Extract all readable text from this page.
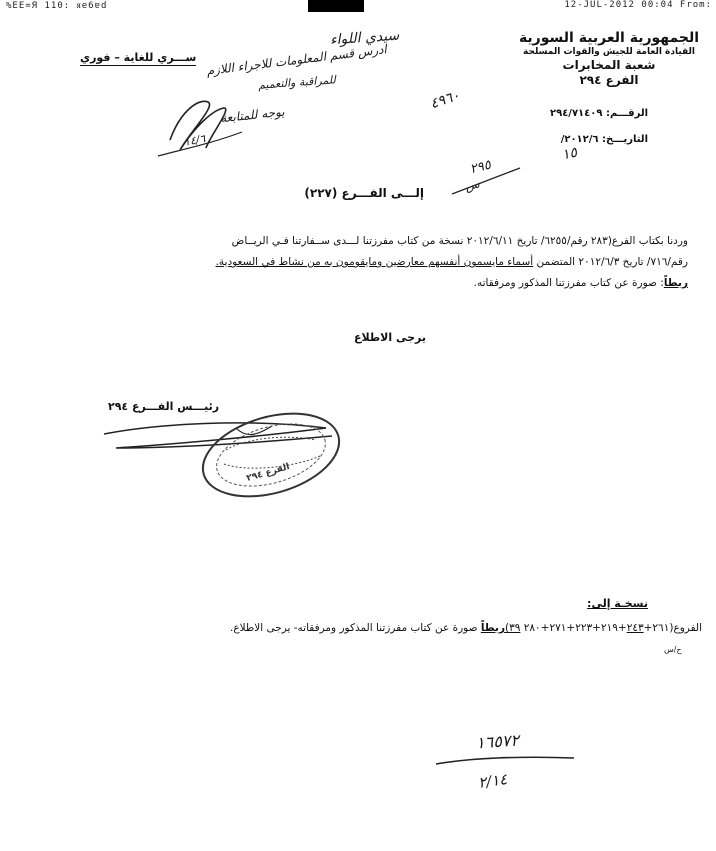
%EE=Я 110: ᴙe6ɐd	12-JUL-2012 00:04 From:
الجمهورية العربية السورية
القيادة العامة للجيش والقوات المسلحة
شعبة المخابرات
الفرع ٢٩٤
الرقـــم: ٢٩٤/٧١٤٠٩
التاريـــخ: ٢٠١٢/٦/
١٥
ســـري للغاية – فوري
سيدي اللواء
ادرس قسم المعلومات للاجراء اللازم
للمراقبة والتعميم
يوجه للمتابعة
١٤/٦
٤٩٦٠
٢٩٥
س
إلـــى الفـــرع (٢٢٧)
وردنا بكتاب الفرع(٢٨٣ رقم/٦٢٥٥/ تاريخ ٢٠١٢/٦/١١ نسخة من كتاب مفرزتنا لـــدى ســفارتنا فـي الريــاض
رقم/٧١٦/ تاريخ ٢٠١٢/٦/٣ المتضمن أسماء مايسمون أنفسهم معارضين ومايقومون به من نشاط في السعودية.
ربطاً: صورة عن كتاب مفرزتنا المذكور ومرفقاته.
يرجى الاطلاع
رئيـــس الفـــرع ٢٩٤
الفرع ٢٩٤
نسخـة إلى:
الفروع(٢٦١+٢٤٣+٢١٩+٢٢٣+٢٧١+٢٨٠ ٣٩)ربطاً صورة عن كتاب مفرزتنا المذكور ومرفقاته- يرجى الاطلاع.
ح/س
١٦٥٧٢
٢/١٤
